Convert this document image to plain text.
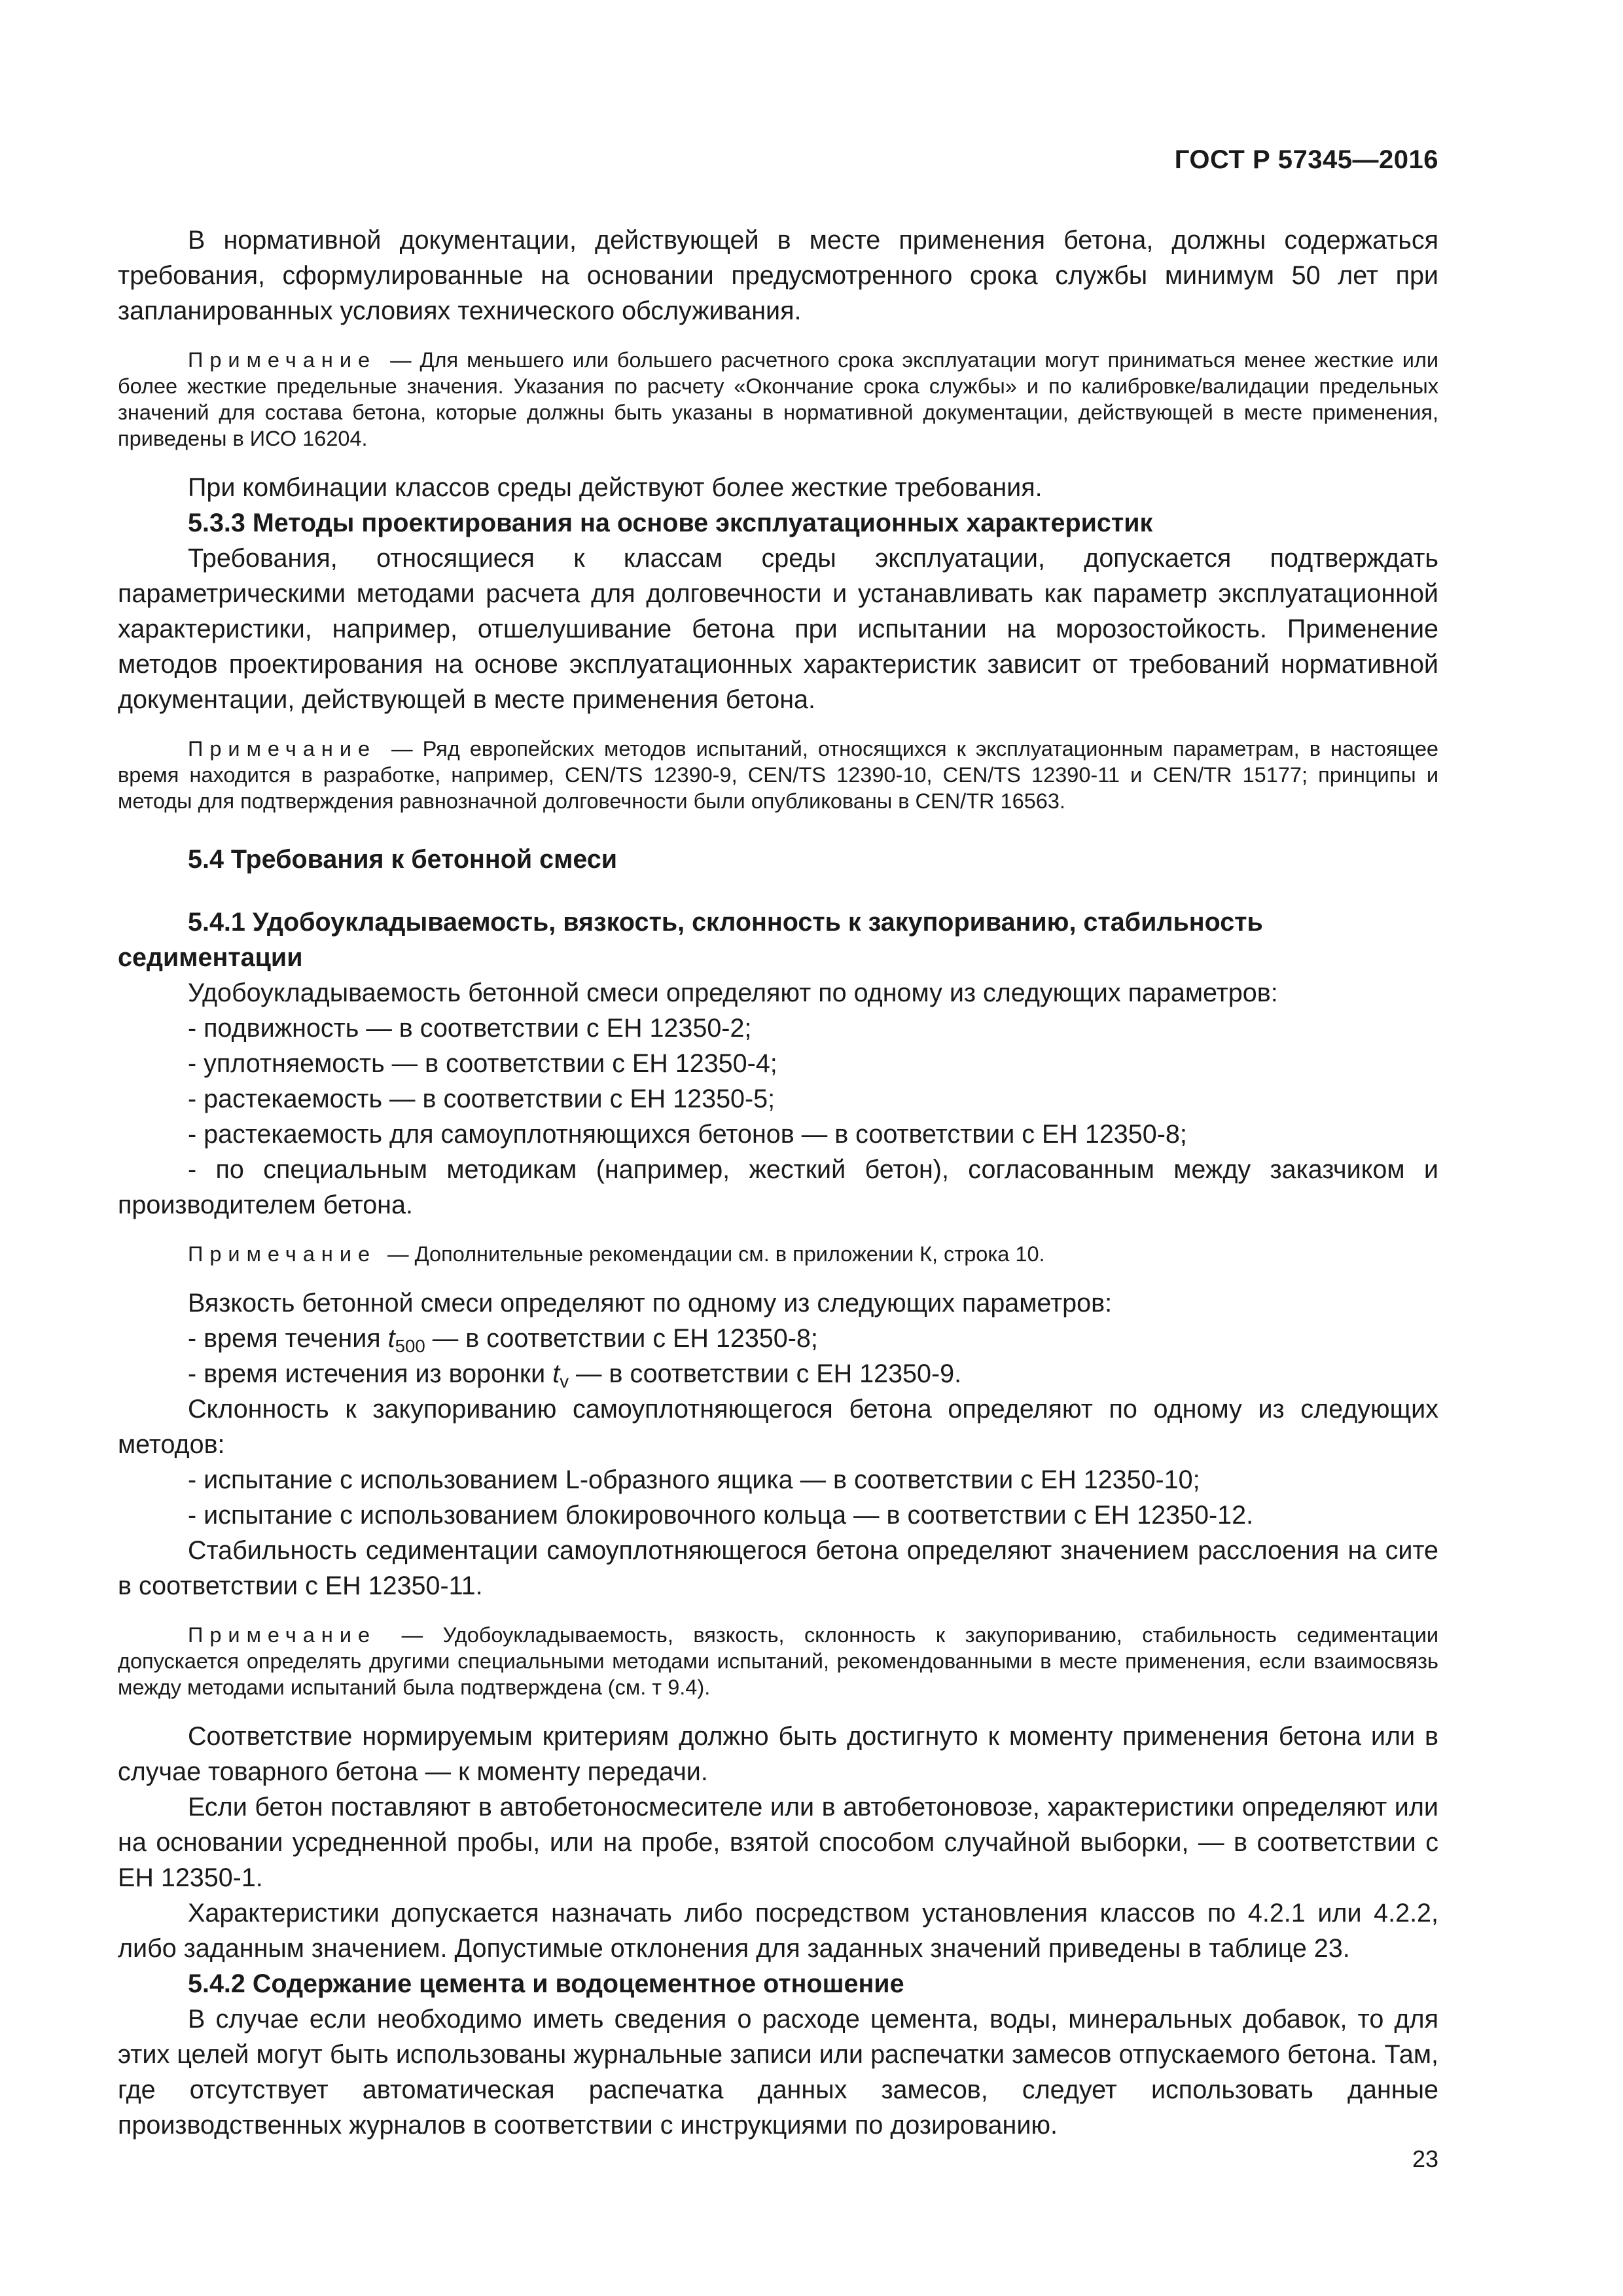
ГОСТ Р 57345—2016

В нормативной документации, действующей в месте применения бетона, должны содержаться требования, сформулированные на основании предусмотренного срока службы минимум 50 лет при запланированных условиях технического обслуживания.

Примечание — Для меньшего или большего расчетного срока эксплуатации могут приниматься менее жесткие или более жесткие предельные значения. Указания по расчету «Окончание срока службы» и по калибровке/валидации предельных значений для состава бетона, которые должны быть указаны в нормативной документации, действующей в месте применения, приведены в ИСО 16204.

При комбинации классов среды действуют более жесткие требования.

5.3.3 Методы проектирования на основе эксплуатационных характеристик

Требования, относящиеся к классам среды эксплуатации, допускается подтверждать параметрическими методами расчета для долговечности и устанавливать как параметр эксплуатационной характеристики, например, отшелушивание бетона при испытании на морозостойкость. Применение методов проектирования на основе эксплуатационных характеристик зависит от требований нормативной документации, действующей в месте применения бетона.

Примечание — Ряд европейских методов испытаний, относящихся к эксплуатационным параметрам, в настоящее время находится в разработке, например, CEN/TS 12390-9, CEN/TS 12390-10, CEN/TS 12390-11 и CEN/TR 15177; принципы и методы для подтверждения равнозначной долговечности были опубликованы в CEN/TR 16563.

5.4 Требования к бетонной смеси

5.4.1 Удобоукладываемость, вязкость, склонность к закупориванию, стабильность седиментации

Удобоукладываемость бетонной смеси определяют по одному из следующих параметров:

- подвижность — в соответствии с ЕН 12350-2;

- уплотняемость — в соответствии с ЕН 12350-4;

- растекаемость — в соответствии с ЕН 12350-5;

- растекаемость для самоуплотняющихся бетонов — в соответствии с ЕН 12350-8;

- по специальным методикам (например, жесткий бетон), согласованным между заказчиком и производителем бетона.

Примечание — Дополнительные рекомендации см. в приложении К, строка 10.

Вязкость бетонной смеси определяют по одному из следующих параметров:

- время течения $t_{500}$ — в соответствии с ЕН 12350-8;

- время истечения из воронки $t_v$ — в соответствии с ЕН 12350-9.

Склонность к закупориванию самоуплотняющегося бетона определяют по одному из следующих методов:

- испытание с использованием L-образного ящика — в соответствии с ЕН 12350-10;

- испытание с использованием блокировочного кольца — в соответствии с ЕН 12350-12.

Стабильность седиментации самоуплотняющегося бетона определяют значением расслоения на сите в соответствии с ЕН 12350-11.

Примечание — Удобоукладываемость, вязкость, склонность к закупориванию, стабильность седиментации допускается определять другими специальными методами испытаний, рекомендованными в месте применения, если взаимосвязь между методами испытаний была подтверждена (см. т 9.4).

Соответствие нормируемым критериям должно быть достигнуто к моменту применения бетона или в случае товарного бетона — к моменту передачи.

Если бетон поставляют в автобетоносмесителе или в автобетоновозе, характеристики определяют или на основании усредненной пробы, или на пробе, взятой способом случайной выборки, — в соответствии с ЕН 12350-1.

Характеристики допускается назначать либо посредством установления классов по 4.2.1 или 4.2.2, либо заданным значением. Допустимые отклонения для заданных значений приведены в таблице 23.

5.4.2 Содержание цемента и водоцементное отношение

В случае если необходимо иметь сведения о расходе цемента, воды, минеральных добавок, то для этих целей могут быть использованы журнальные записи или распечатки замесов отпускаемого бетона. Там, где отсутствует автоматическая распечатка данных замесов, следует использовать данные производственных журналов в соответствии с инструкциями по дозированию.

23
